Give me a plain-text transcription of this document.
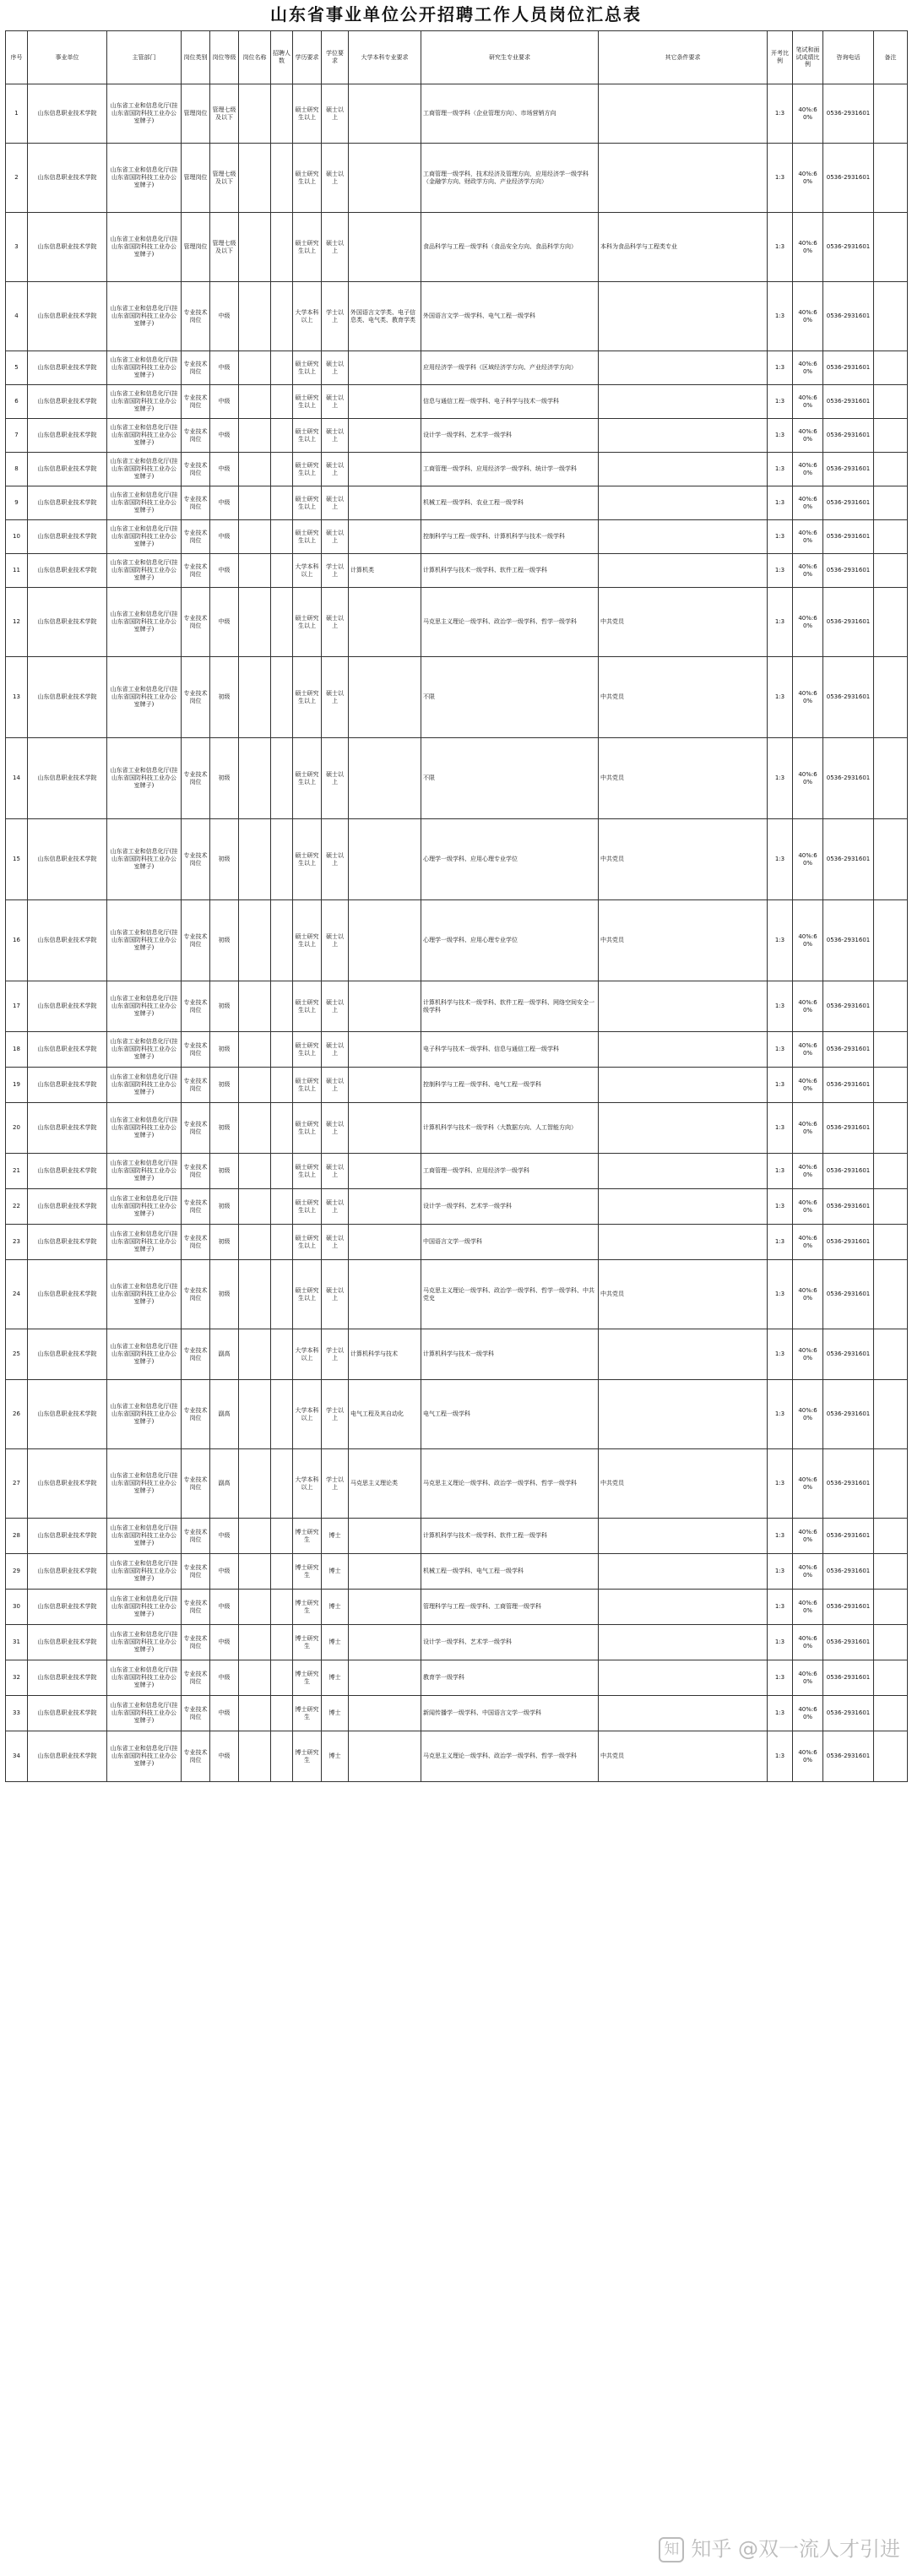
山东省事业单位公开招聘工作人员岗位汇总表
序号	事业单位	主管部门	岗位类别	岗位等级	岗位名称	招聘人数	学历要求	学位要求	大学本科专业要求	研究生专业要求	其它条件要求	开考比例	笔试和面试成绩比例	咨询电话	备注
1	山东信息职业技术学院	山东省工业和信息化厅(挂山东省国防科技工业办公室牌子)	管理岗位	管理七级及以下			硕士研究生以上	硕士以上		工商管理一级学科（企业管理方向）、市场营销方向		1:3	40%:60%	0536-2931601	
2	山东信息职业技术学院	山东省工业和信息化厅(挂山东省国防科技工业办公室牌子)	管理岗位	管理七级及以下			硕士研究生以上	硕士以上		工商管理一级学科，技术经济及管理方向，应用经济学一级学科（金融学方向、财政学方向、产业经济学方向）		1:3	40%:60%	0536-2931601	
3	山东信息职业技术学院	山东省工业和信息化厅(挂山东省国防科技工业办公室牌子)	管理岗位	管理七级及以下			硕士研究生以上	硕士以上		食品科学与工程一级学科（食品安全方向、食品科学方向）	本科为食品科学与工程类专业	1:3	40%:60%	0536-2931601	
4	山东信息职业技术学院	山东省工业和信息化厅(挂山东省国防科技工业办公室牌子)	专业技术岗位	中级			大学本科以上	学士以上	外国语言文学类、电子信息类、电气类、教育学类	外国语言文学一级学科、电气工程一级学科		1:3	40%:60%	0536-2931601	
5	山东信息职业技术学院	山东省工业和信息化厅(挂山东省国防科技工业办公室牌子)	专业技术岗位	中级			硕士研究生以上	硕士以上		应用经济学一级学科（区域经济学方向、产业经济学方向）		1:3	40%:60%	0536-2931601	
6	山东信息职业技术学院	山东省工业和信息化厅(挂山东省国防科技工业办公室牌子)	专业技术岗位	中级			硕士研究生以上	硕士以上		信息与通信工程一级学科、电子科学与技术一级学科		1:3	40%:60%	0536-2931601	
7	山东信息职业技术学院	山东省工业和信息化厅(挂山东省国防科技工业办公室牌子)	专业技术岗位	中级			硕士研究生以上	硕士以上		设计学一级学科、艺术学一级学科		1:3	40%:60%	0536-2931601	
8	山东信息职业技术学院	山东省工业和信息化厅(挂山东省国防科技工业办公室牌子)	专业技术岗位	中级			硕士研究生以上	硕士以上		工商管理一级学科、应用经济学一级学科、统计学一级学科		1:3	40%:60%	0536-2931601	
9	山东信息职业技术学院	山东省工业和信息化厅(挂山东省国防科技工业办公室牌子)	专业技术岗位	中级			硕士研究生以上	硕士以上		机械工程一级学科、农业工程一级学科		1:3	40%:60%	0536-2931601	
10	山东信息职业技术学院	山东省工业和信息化厅(挂山东省国防科技工业办公室牌子)	专业技术岗位	中级			硕士研究生以上	硕士以上		控制科学与工程一级学科、计算机科学与技术一级学科		1:3	40%:60%	0536-2931601	
11	山东信息职业技术学院	山东省工业和信息化厅(挂山东省国防科技工业办公室牌子)	专业技术岗位	中级			大学本科以上	学士以上	计算机类	计算机科学与技术一级学科、软件工程一级学科		1:3	40%:60%	0536-2931601	
12	山东信息职业技术学院	山东省工业和信息化厅(挂山东省国防科技工业办公室牌子)	专业技术岗位	中级			硕士研究生以上	硕士以上		马克思主义理论一级学科、政治学一级学科、哲学一级学科	中共党员	1:3	40%:60%	0536-2931601	
13	山东信息职业技术学院	山东省工业和信息化厅(挂山东省国防科技工业办公室牌子)	专业技术岗位	初级			硕士研究生以上	硕士以上		不限	中共党员	1:3	40%:60%	0536-2931601	
14	山东信息职业技术学院	山东省工业和信息化厅(挂山东省国防科技工业办公室牌子)	专业技术岗位	初级			硕士研究生以上	硕士以上		不限	中共党员	1:3	40%:60%	0536-2931601	
15	山东信息职业技术学院	山东省工业和信息化厅(挂山东省国防科技工业办公室牌子)	专业技术岗位	初级			硕士研究生以上	硕士以上		心理学一级学科、应用心理专业学位	中共党员	1:3	40%:60%	0536-2931601	
16	山东信息职业技术学院	山东省工业和信息化厅(挂山东省国防科技工业办公室牌子)	专业技术岗位	初级			硕士研究生以上	硕士以上		心理学一级学科、应用心理专业学位	中共党员	1:3	40%:60%	0536-2931601	
17	山东信息职业技术学院	山东省工业和信息化厅(挂山东省国防科技工业办公室牌子)	专业技术岗位	初级			硕士研究生以上	硕士以上		计算机科学与技术一级学科、软件工程一级学科、网络空间安全一级学科		1:3	40%:60%	0536-2931601	
18	山东信息职业技术学院	山东省工业和信息化厅(挂山东省国防科技工业办公室牌子)	专业技术岗位	初级			硕士研究生以上	硕士以上		电子科学与技术一级学科、信息与通信工程一级学科		1:3	40%:60%	0536-2931601	
19	山东信息职业技术学院	山东省工业和信息化厅(挂山东省国防科技工业办公室牌子)	专业技术岗位	初级			硕士研究生以上	硕士以上		控制科学与工程一级学科、电气工程一级学科		1:3	40%:60%	0536-2931601	
20	山东信息职业技术学院	山东省工业和信息化厅(挂山东省国防科技工业办公室牌子)	专业技术岗位	初级			硕士研究生以上	硕士以上		计算机科学与技术一级学科（大数据方向、人工智能方向）		1:3	40%:60%	0536-2931601	
21	山东信息职业技术学院	山东省工业和信息化厅(挂山东省国防科技工业办公室牌子)	专业技术岗位	初级			硕士研究生以上	硕士以上		工商管理一级学科、应用经济学一级学科		1:3	40%:60%	0536-2931601	
22	山东信息职业技术学院	山东省工业和信息化厅(挂山东省国防科技工业办公室牌子)	专业技术岗位	初级			硕士研究生以上	硕士以上		设计学一级学科、艺术学一级学科		1:3	40%:60%	0536-2931601	
23	山东信息职业技术学院	山东省工业和信息化厅(挂山东省国防科技工业办公室牌子)	专业技术岗位	初级			硕士研究生以上	硕士以上		中国语言文学一级学科		1:3	40%:60%	0536-2931601	
24	山东信息职业技术学院	山东省工业和信息化厅(挂山东省国防科技工业办公室牌子)	专业技术岗位	初级			硕士研究生以上	硕士以上		马克思主义理论一级学科、政治学一级学科、哲学一级学科、中共党史	中共党员	1:3	40%:60%	0536-2931601	
25	山东信息职业技术学院	山东省工业和信息化厅(挂山东省国防科技工业办公室牌子)	专业技术岗位	副高			大学本科以上	学士以上	计算机科学与技术	计算机科学与技术一级学科		1:3	40%:60%	0536-2931601	
26	山东信息职业技术学院	山东省工业和信息化厅(挂山东省国防科技工业办公室牌子)	专业技术岗位	副高			大学本科以上	学士以上	电气工程及其自动化	电气工程一级学科		1:3	40%:60%	0536-2931601	
27	山东信息职业技术学院	山东省工业和信息化厅(挂山东省国防科技工业办公室牌子)	专业技术岗位	副高			大学本科以上	学士以上	马克思主义理论类	马克思主义理论一级学科、政治学一级学科、哲学一级学科	中共党员	1:3	40%:60%	0536-2931601	
28	山东信息职业技术学院	山东省工业和信息化厅(挂山东省国防科技工业办公室牌子)	专业技术岗位	中级			博士研究生	博士		计算机科学与技术一级学科、软件工程一级学科		1:3	40%:60%	0536-2931601	
29	山东信息职业技术学院	山东省工业和信息化厅(挂山东省国防科技工业办公室牌子)	专业技术岗位	中级			博士研究生	博士		机械工程一级学科、电气工程一级学科		1:3	40%:60%	0536-2931601	
30	山东信息职业技术学院	山东省工业和信息化厅(挂山东省国防科技工业办公室牌子)	专业技术岗位	中级			博士研究生	博士		管理科学与工程一级学科、工商管理一级学科		1:3	40%:60%	0536-2931601	
31	山东信息职业技术学院	山东省工业和信息化厅(挂山东省国防科技工业办公室牌子)	专业技术岗位	中级			博士研究生	博士		设计学一级学科、艺术学一级学科		1:3	40%:60%	0536-2931601	
32	山东信息职业技术学院	山东省工业和信息化厅(挂山东省国防科技工业办公室牌子)	专业技术岗位	中级			博士研究生	博士		教育学一级学科		1:3	40%:60%	0536-2931601	
33	山东信息职业技术学院	山东省工业和信息化厅(挂山东省国防科技工业办公室牌子)	专业技术岗位	中级			博士研究生	博士		新闻传播学一级学科、中国语言文学一级学科		1:3	40%:60%	0536-2931601	
34	山东信息职业技术学院	山东省工业和信息化厅(挂山东省国防科技工业办公室牌子)	专业技术岗位	中级			博士研究生	博士		马克思主义理论一级学科、政治学一级学科、哲学一级学科	中共党员	1:3	40%:60%	0536-2931601	
知 知乎 @双一流人才引进
